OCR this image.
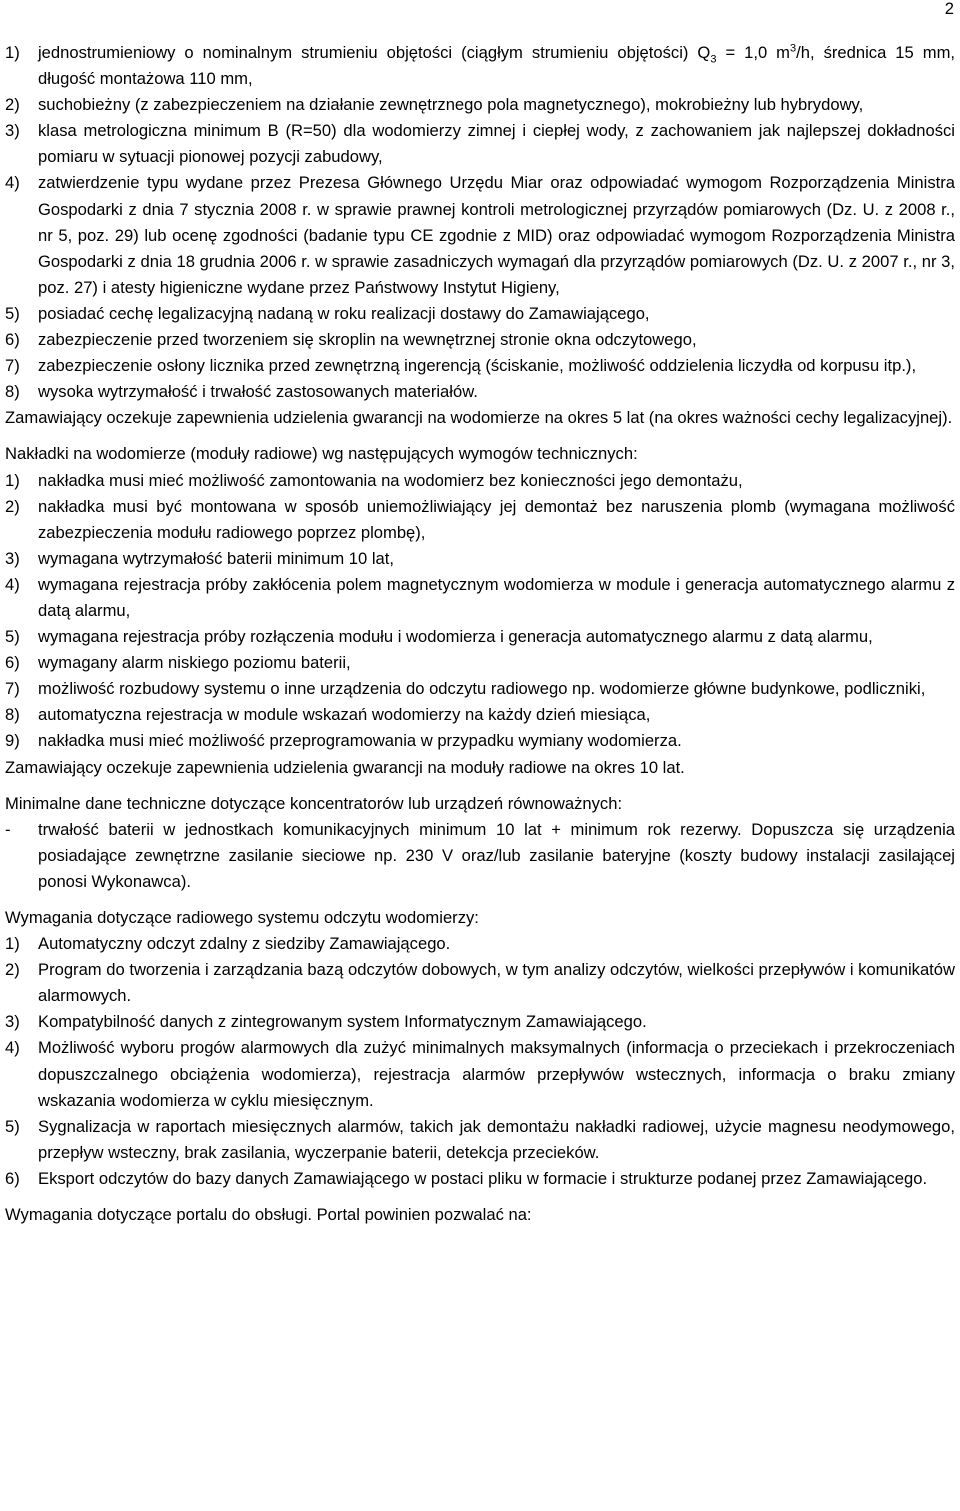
2
1)	jednostrumieniowy o nominalnym strumieniu objętości (ciągłym strumieniu objętości) $Q_3 = 1,0$ $m^3/h$, średnica 15 mm, długość montażowa 110 mm,
2)	suchobieżny (z zabezpieczeniem na działanie zewnętrznego pola magnetycznego), mokrobieżny lub hybrydowy,
3)	klasa metrologiczna minimum B (R=50) dla wodomierzy zimnej i ciepłej wody, z zachowaniem jak najlepszej dokładności pomiaru w sytuacji pionowej pozycji zabudowy,
4)	zatwierdzenie typu wydane przez Prezesa Głównego Urzędu Miar oraz odpowiadać wymogom Rozporządzenia Ministra Gospodarki z dnia 7 stycznia 2008 r. w sprawie prawnej kontroli metrologicznej przyrządów pomiarowych (Dz. U. z 2008 r., nr 5, poz. 29) lub ocenę zgodności (badanie typu CE zgodnie z MID) oraz odpowiadać wymogom Rozporządzenia Ministra Gospodarki z dnia 18 grudnia 2006 r. w sprawie zasadniczych wymagań dla przyrządów pomiarowych (Dz. U. z 2007 r., nr 3, poz. 27) i atesty higieniczne wydane przez Państwowy Instytut Higieny,
5)	posiadać cechę legalizacyjną nadaną w roku realizacji dostawy do Zamawiającego,
6)	zabezpieczenie przed tworzeniem się skroplin na wewnętrznej stronie okna odczytowego,
7)	zabezpieczenie osłony licznika przed zewnętrzną ingerencją (ściskanie, możliwość oddzielenia liczydła od korpusu itp.),
8)	wysoka wytrzymałość i trwałość zastosowanych materiałów.
Zamawiający oczekuje zapewnienia udzielenia gwarancji na wodomierze na okres 5 lat (na okres ważności cechy legalizacyjnej).
Nakładki na wodomierze (moduły radiowe) wg następujących wymogów technicznych:
1)	nakładka musi mieć możliwość zamontowania na wodomierz bez konieczności jego demontażu,
2)	nakładka musi być montowana w sposób uniemożliwiający jej demontaż bez naruszenia plomb (wymagana możliwość zabezpieczenia modułu radiowego poprzez plombę),
3)	wymagana wytrzymałość baterii minimum 10 lat,
4)	wymagana rejestracja próby zakłócenia polem magnetycznym wodomierza w module i generacja automatycznego alarmu z datą alarmu,
5)	wymagana rejestracja próby rozłączenia modułu i wodomierza i generacja automatycznego alarmu z datą alarmu,
6)	wymagany alarm niskiego poziomu baterii,
7)	możliwość rozbudowy systemu o inne urządzenia do odczytu radiowego np. wodomierze główne budynkowe, podliczniki,
8)	automatyczna rejestracja w module wskazań wodomierzy na każdy dzień miesiąca,
9)	nakładka musi mieć możliwość przeprogramowania w przypadku wymiany wodomierza.
Zamawiający oczekuje zapewnienia udzielenia gwarancji na moduły radiowe na okres 10 lat.
Minimalne dane techniczne dotyczące koncentratorów lub urządzeń równoważnych:
-	trwałość baterii w jednostkach komunikacyjnych minimum 10 lat + minimum rok rezerwy. Dopuszcza się urządzenia posiadające zewnętrzne zasilanie sieciowe np. 230 V oraz/lub zasilanie bateryjne (koszty budowy instalacji zasilającej ponosi Wykonawca).
Wymagania dotyczące radiowego systemu odczytu wodomierzy:
1)	Automatyczny odczyt zdalny z siedziby Zamawiającego.
2)	Program do tworzenia i zarządzania bazą odczytów dobowych, w tym analizy odczytów, wielkości przepływów i komunikatów alarmowych.
3)	Kompatybilność danych z zintegrowanym system Informatycznym Zamawiającego.
4)	Możliwość wyboru progów alarmowych dla zużyć minimalnych maksymalnych (informacja o przeciekach i przekroczeniach dopuszczalnego obciążenia wodomierza), rejestracja alarmów przepływów wstecznych, informacja o braku zmiany wskazania wodomierza w cyklu miesięcznym.
5)	Sygnalizacja w raportach miesięcznych alarmów, takich jak demontażu nakładki radiowej, użycie magnesu neodymowego, przepływ wsteczny, brak zasilania, wyczerpanie baterii, detekcja przecieków.
6)	Eksport odczytów do bazy danych Zamawiającego w postaci pliku w formacie i strukturze podanej przez Zamawiającego.
Wymagania dotyczące portalu do obsługi. Portal powinien pozwalać na:
